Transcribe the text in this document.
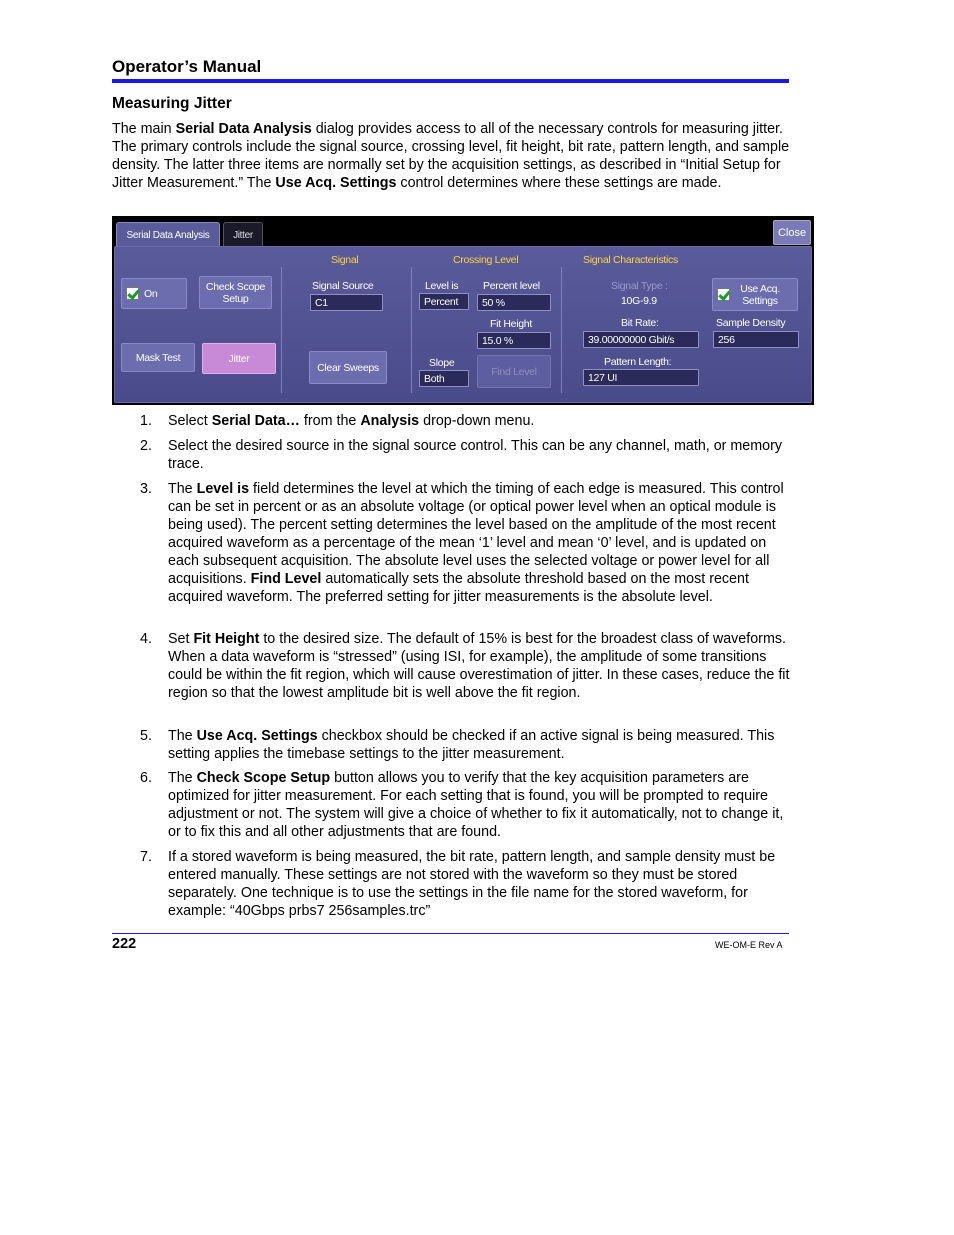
Operator’s Manual
Measuring Jitter
The main Serial Data Analysis dialog provides access to all of the necessary controls for measuring jitter. The primary controls include the signal source, crossing level, fit height, bit rate, pattern length, and sample density. The latter three items are normally set by the acquisition settings, as described in “Initial Setup for Jitter Measurement.” The Use Acq. Settings control determines where these settings are made.
Serial Data Analysis	Jitter	Close
On
Check Scope Setup
Mask Test	Jitter
Signal
Signal Source
C1
Clear Sweeps
Crossing Level
Level is
Percent
Percent level
50 %
Fit Height
15.0 %
Slope
Both
Find Level
Signal Characteristics
Signal Type :
10G-9.9
Use Acq. Settings
Bit Rate:
39.00000000 Gbit/s
Sample Density
256
Pattern Length:
127 UI
1. Select Serial Data… from the Analysis drop-down menu.
2. Select the desired source in the signal source control. This can be any channel, math, or memory trace.
3. The Level is field determines the level at which the timing of each edge is measured. This control can be set in percent or as an absolute voltage (or optical power level when an optical module is being used). The percent setting determines the level based on the amplitude of the most recent acquired waveform as a percentage of the mean ‘1’ level and mean ‘0’ level, and is updated on each subsequent acquisition. The absolute level uses the selected voltage or power level for all acquisitions. Find Level automatically sets the absolute threshold based on the most recent acquired waveform. The preferred setting for jitter measurements is the absolute level.
4. Set Fit Height to the desired size. The default of 15% is best for the broadest class of waveforms. When a data waveform is “stressed” (using ISI, for example), the amplitude of some transitions could be within the fit region, which will cause overestimation of jitter. In these cases, reduce the fit region so that the lowest amplitude bit is well above the fit region.
5. The Use Acq. Settings checkbox should be checked if an active signal is being measured. This setting applies the timebase settings to the jitter measurement.
6. The Check Scope Setup button allows you to verify that the key acquisition parameters are optimized for jitter measurement. For each setting that is found, you will be prompted to require adjustment or not. The system will give a choice of whether to fix it automatically, not to change it, or to fix this and all other adjustments that are found.
7. If a stored waveform is being measured, the bit rate, pattern length, and sample density must be entered manually. These settings are not stored with the waveform so they must be stored separately. One technique is to use the settings in the file name for the stored waveform, for example: “40Gbps prbs7 256samples.trc”
222	WE-OM-E Rev A
